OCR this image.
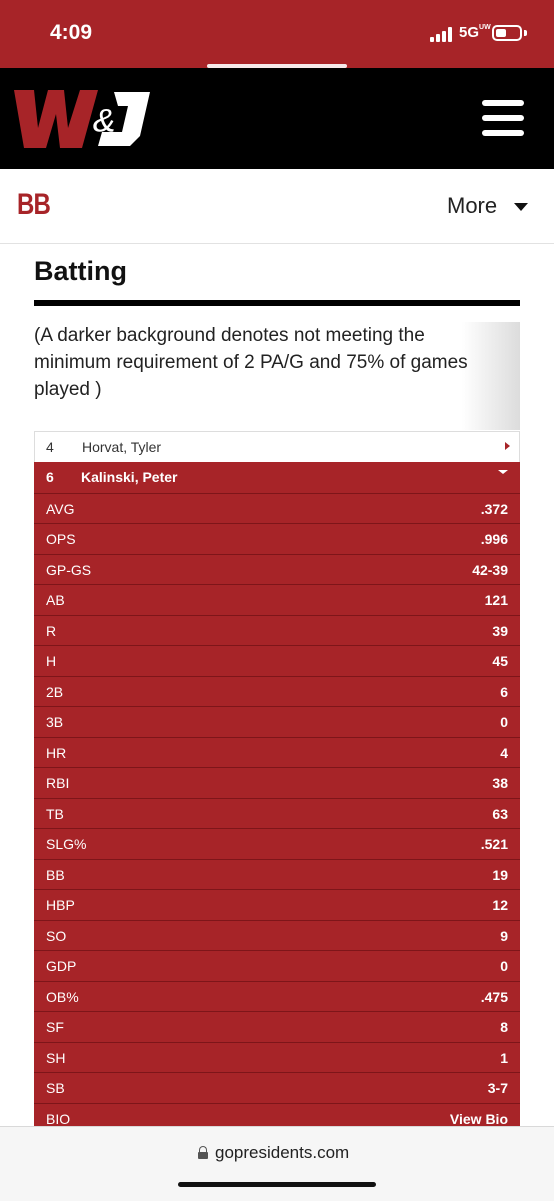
4:09	5GUW
&
BB	More
Batting
(A darker background denotes not meeting the minimum requirement of 2 PA/G and 75% of games played )
4 Horvat, Tyler
6 Kalinski, Peter
AVG	.372
OPS	.996
GP-GS	42-39
AB	121
R	39
H	45
2B	6
3B	0
HR	4
RBI	38
TB	63
SLG%	.521
BB	19
HBP	12
SO	9
GDP	0
OB%	.475
SF	8
SH	1
SB	3-7
BIO	View Bio
gopresidents.com
